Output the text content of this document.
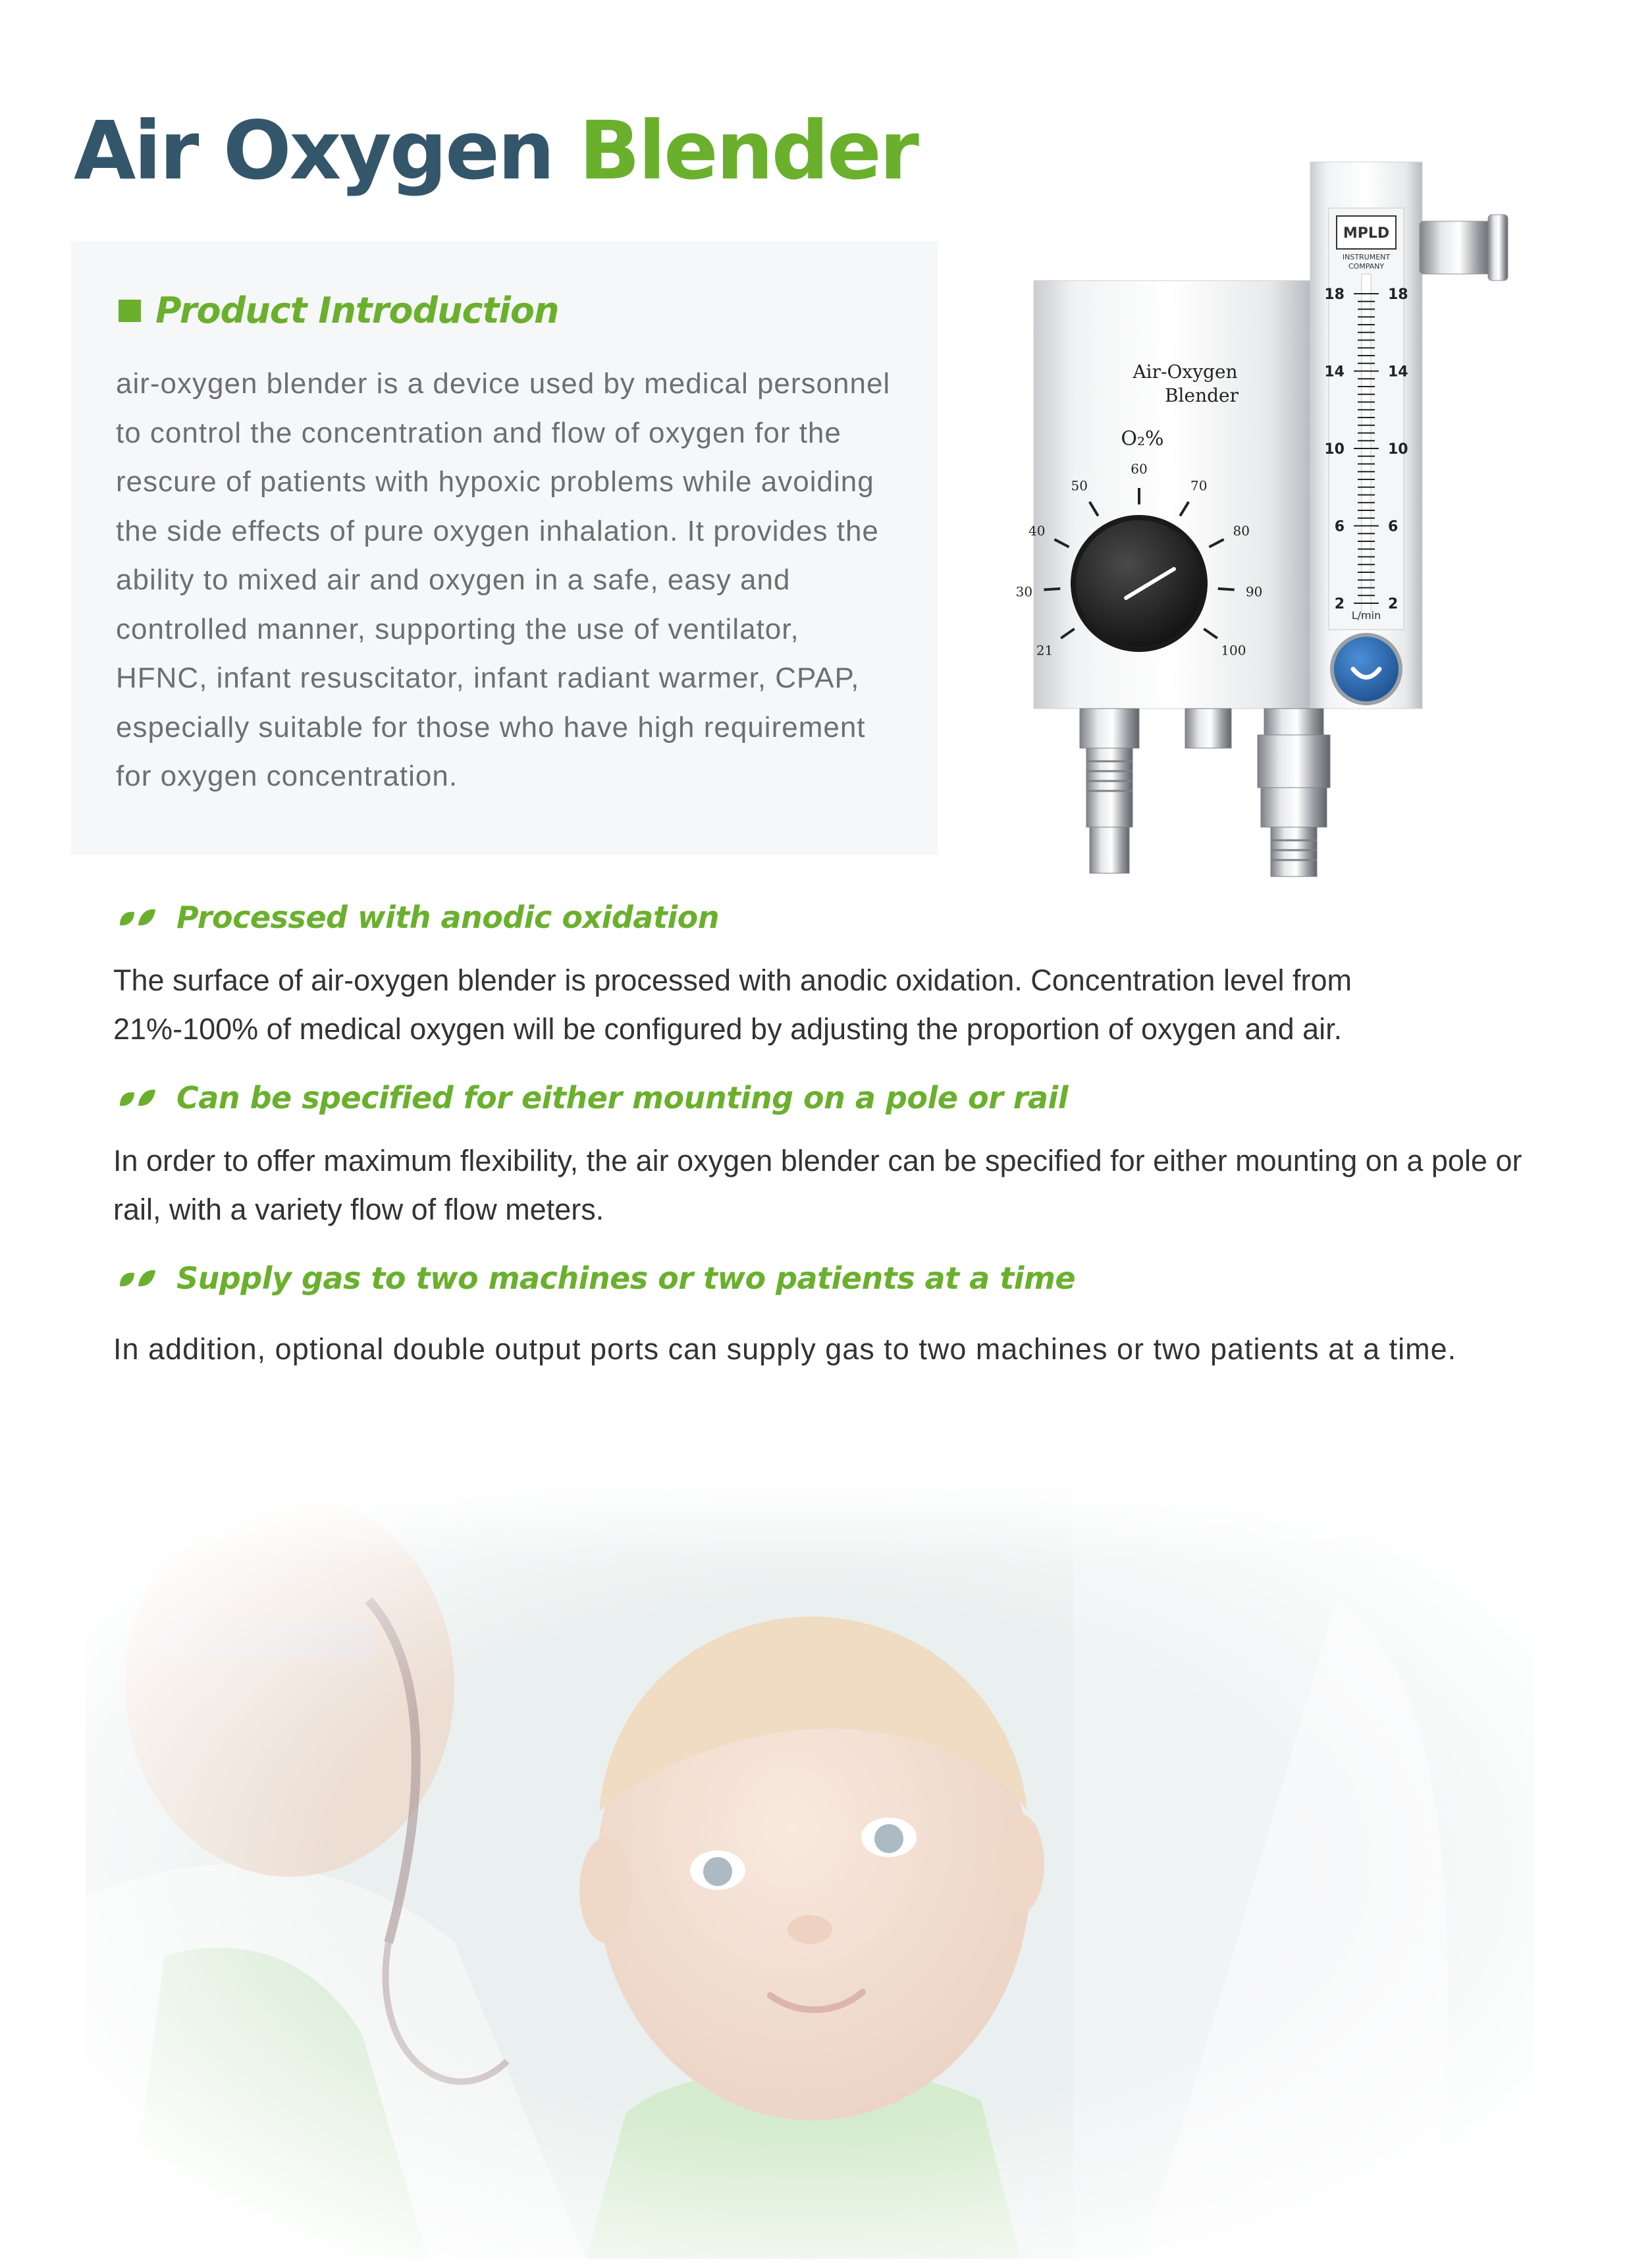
Air Oxygen Blender
Product Introduction
air-oxygen blender is a device used by medical personnel to control the concentration and flow of oxygen for the rescure of patients with hypoxic problems while avoiding the side effects of pure oxygen inhalation. It provides the ability to mixed air and oxygen in a safe, easy and controlled manner, supporting the use of ventilator, HFNC, infant resuscitator, infant radiant warmer, CPAP, especially suitable for those who have high requirement for oxygen concentration.
Processed with anodic oxidation
The surface of air-oxygen blender is processed with anodic oxidation. Concentration level from 21%-100% of medical oxygen will be configured by adjusting the proportion of oxygen and air.
Can be specified for either mounting on a pole or rail
In order to offer maximum flexibility, the air oxygen blender can be specified for either mounting on a pole or rail, with a variety flow of flow meters.
Supply gas to two machines or two patients at a time
In addition, optional double output ports can supply gas to two machines or two patients at a time.
MPLD
INSTRUMENT
COMPANY
18	18
14	14
10	10
6	6
2	2
L/min
Air-Oxygen
Blender
O₂%
21
30
40
50
60
70
80
90
100
